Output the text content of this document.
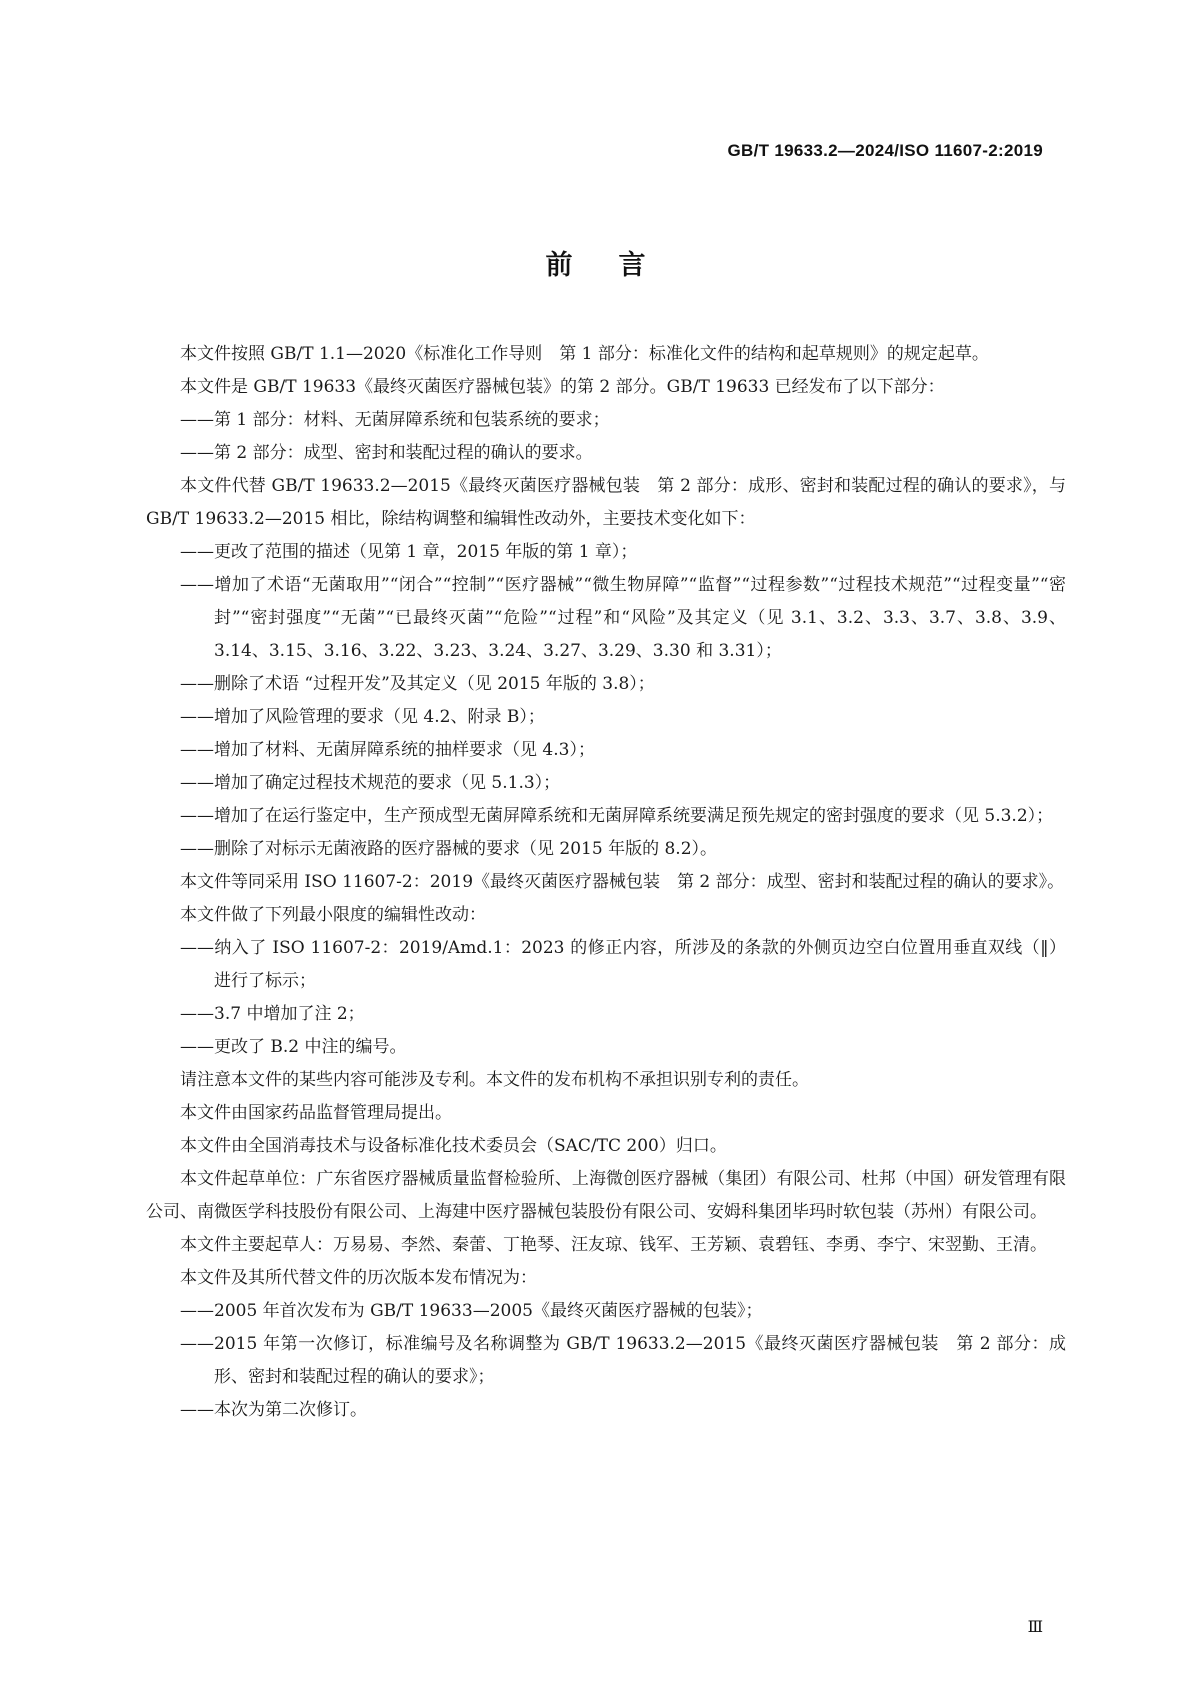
GB/T 19633.2—2024/ISO 11607-2:2019
前言

本文件按照 GB/T 1.1—2020《标准化工作导则　第 1 部分：标准化文件的结构和起草规则》的规定起草。

本文件是 GB/T 19633《最终灭菌医疗器械包装》的第 2 部分。GB/T 19633 已经发布了以下部分：

——第 1 部分：材料、无菌屏障系统和包装系统的要求；

——第 2 部分：成型、密封和装配过程的确认的要求。

本文件代替 GB/T 19633.2—2015《最终灭菌医疗器械包装　第 2 部分：成形、密封和装配过程的确认的要求》，与 GB/T 19633.2—2015 相比，除结构调整和编辑性改动外，主要技术变化如下：

——更改了范围的描述（见第 1 章，2015 年版的第 1 章）；

——增加了术语“无菌取用”“闭合”“控制”“医疗器械”“微生物屏障”“监督”“过程参数”“过程技术规范”“过程变量”“密封”“密封强度”“无菌”“已最终灭菌”“危险”“过程”和“风险”及其定义（见 3.1、3.2、3.3、3.7、3.8、3.9、3.14、3.15、3.16、3.22、3.23、3.24、3.27、3.29、3.30 和 3.31）；

——删除了术语 “过程开发”及其定义（见 2015 年版的 3.8）；

——增加了风险管理的要求（见 4.2、附录 B）；

——增加了材料、无菌屏障系统的抽样要求（见 4.3）；

——增加了确定过程技术规范的要求（见 5.1.3）；

——增加了在运行鉴定中，生产预成型无菌屏障系统和无菌屏障系统要满足预先规定的密封强度的要求（见 5.3.2）；

——删除了对标示无菌液路的医疗器械的要求（见 2015 年版的 8.2）。

本文件等同采用 ISO 11607-2：2019《最终灭菌医疗器械包装　第 2 部分：成型、密封和装配过程的确认的要求》。

本文件做了下列最小限度的编辑性改动：

——纳入了 ISO 11607-2：2019/Amd.1：2023 的修正内容，所涉及的条款的外侧页边空白位置用垂直双线（‖）进行了标示；

——3.7 中增加了注 2；

——更改了 B.2 中注的编号。

请注意本文件的某些内容可能涉及专利。本文件的发布机构不承担识别专利的责任。

本文件由国家药品监督管理局提出。

本文件由全国消毒技术与设备标准化技术委员会（SAC/TC 200）归口。

本文件起草单位：广东省医疗器械质量监督检验所、上海微创医疗器械（集团）有限公司、杜邦（中国）研发管理有限公司、南微医学科技股份有限公司、上海建中医疗器械包装股份有限公司、安姆科集团毕玛时软包装（苏州）有限公司。

本文件主要起草人：万易易、李然、秦蕾、丁艳琴、汪友琼、钱军、王芳颖、袁碧钰、李勇、李宁、宋翌勤、王清。

本文件及其所代替文件的历次版本发布情况为：

——2005 年首次发布为 GB/T 19633—2005《最终灭菌医疗器械的包装》；

——2015 年第一次修订，标准编号及名称调整为 GB/T 19633.2—2015《最终灭菌医疗器械包装　第 2 部分：成形、密封和装配过程的确认的要求》；

——本次为第二次修订。

Ⅲ
